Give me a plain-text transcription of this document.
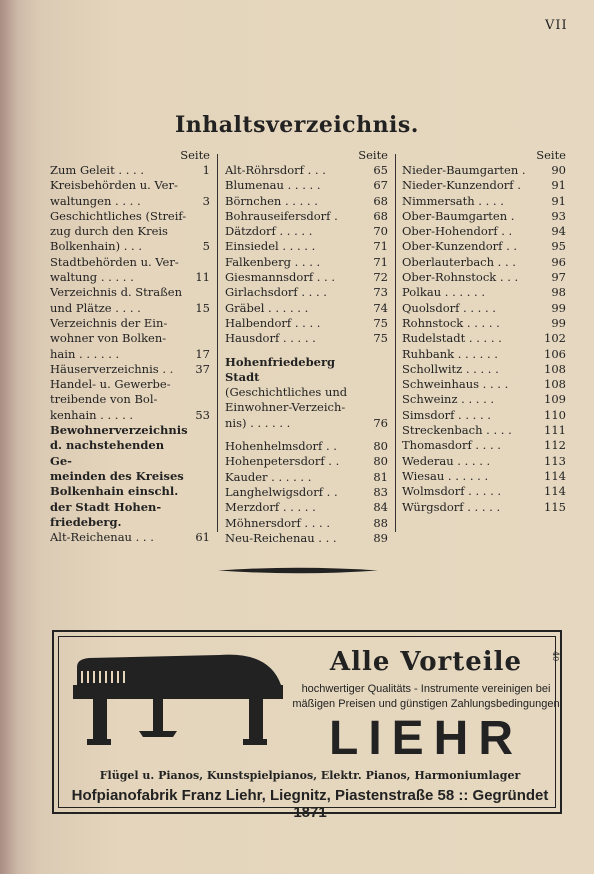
VII
Inhaltsverzeichnis.
Seite
Zum Geleit . . . .	1
Kreisbehörden u. Ver-
waltungen . . . .	3
Geschichtliches (Streif-
zug durch den Kreis
Bolkenhain) . . .	5
Stadtbehörden u. Ver-
waltung . . . . .	11
Verzeichnis d. Straßen
und Plätze . . . .	15
Verzeichnis der Ein-
wohner von Bolken-
hain . . . . . .	17
Häuserverzeichnis . .	37
Handel- u. Gewerbe-
treibende von Bol-
kenhain . . . . .	53
Bewohnerverzeichnis
d. nachstehenden Ge-
meinden des Kreises
Bolkenhain einschl.
der Stadt Hohen-
friedeberg.
Alt-Reichenau . . .	61
Seite
Alt-Röhrsdorf . . .	65
Blumenau . . . . .	67
Börnchen . . . . .	68
Bohrauseifersdorf .	68
Dätzdorf . . . . .	70
Einsiedel . . . . .	71
Falkenberg . . . .	71
Giesmannsdorf . . .	72
Girlachsdorf . . . .	73
Gräbel . . . . . .	74
Halbendorf . . . .	75
Hausdorf . . . . .	75
Hohenfriedeberg Stadt
(Geschichtliches und
Einwohner-Verzeich-
nis) . . . . . .	76
Hohenhelmsdorf . .	80
Hohenpetersdorf . .	80
Kauder . . . . . .	81
Langhelwigsdorf . .	83
Merzdorf . . . . .	84
Möhnersdorf . . . .	88
Neu-Reichenau . . .	89
Seite
Nieder-Baumgarten .	90
Nieder-Kunzendorf .	91
Nimmersath . . . .	91
Ober-Baumgarten .	93
Ober-Hohendorf . .	94
Ober-Kunzendorf . .	95
Oberlauterbach . . .	96
Ober-Rohnstock . . .	97
Polkau . . . . . .	98
Quolsdorf . . . . .	99
Rohnstock . . . . .	99
Rudelstadt . . . . .	102
Ruhbank . . . . . .	106
Schollwitz . . . . .	108
Schweinhaus . . . .	108
Schweinz . . . . .	109
Simsdorf . . . . .	110
Streckenbach . . . .	111
Thomasdorf . . . .	112
Wederau . . . . .	113
Wiesau . . . . . .	114
Wolmsdorf . . . . .	114
Würgsdorf . . . . .	115
Alle Vorteile	40
hochwertiger Qualitäts - Instrumente vereinigen bei
mäßigen Preisen und günstigen Zahlungsbedingungen
LIEHR
Flügel u. Pianos, Kunstspielpianos, Elektr. Pianos, Harmoniumlager
Hofpianofabrik Franz Liehr, Liegnitz, Piastenstraße 58 :: Gegründet 1871
